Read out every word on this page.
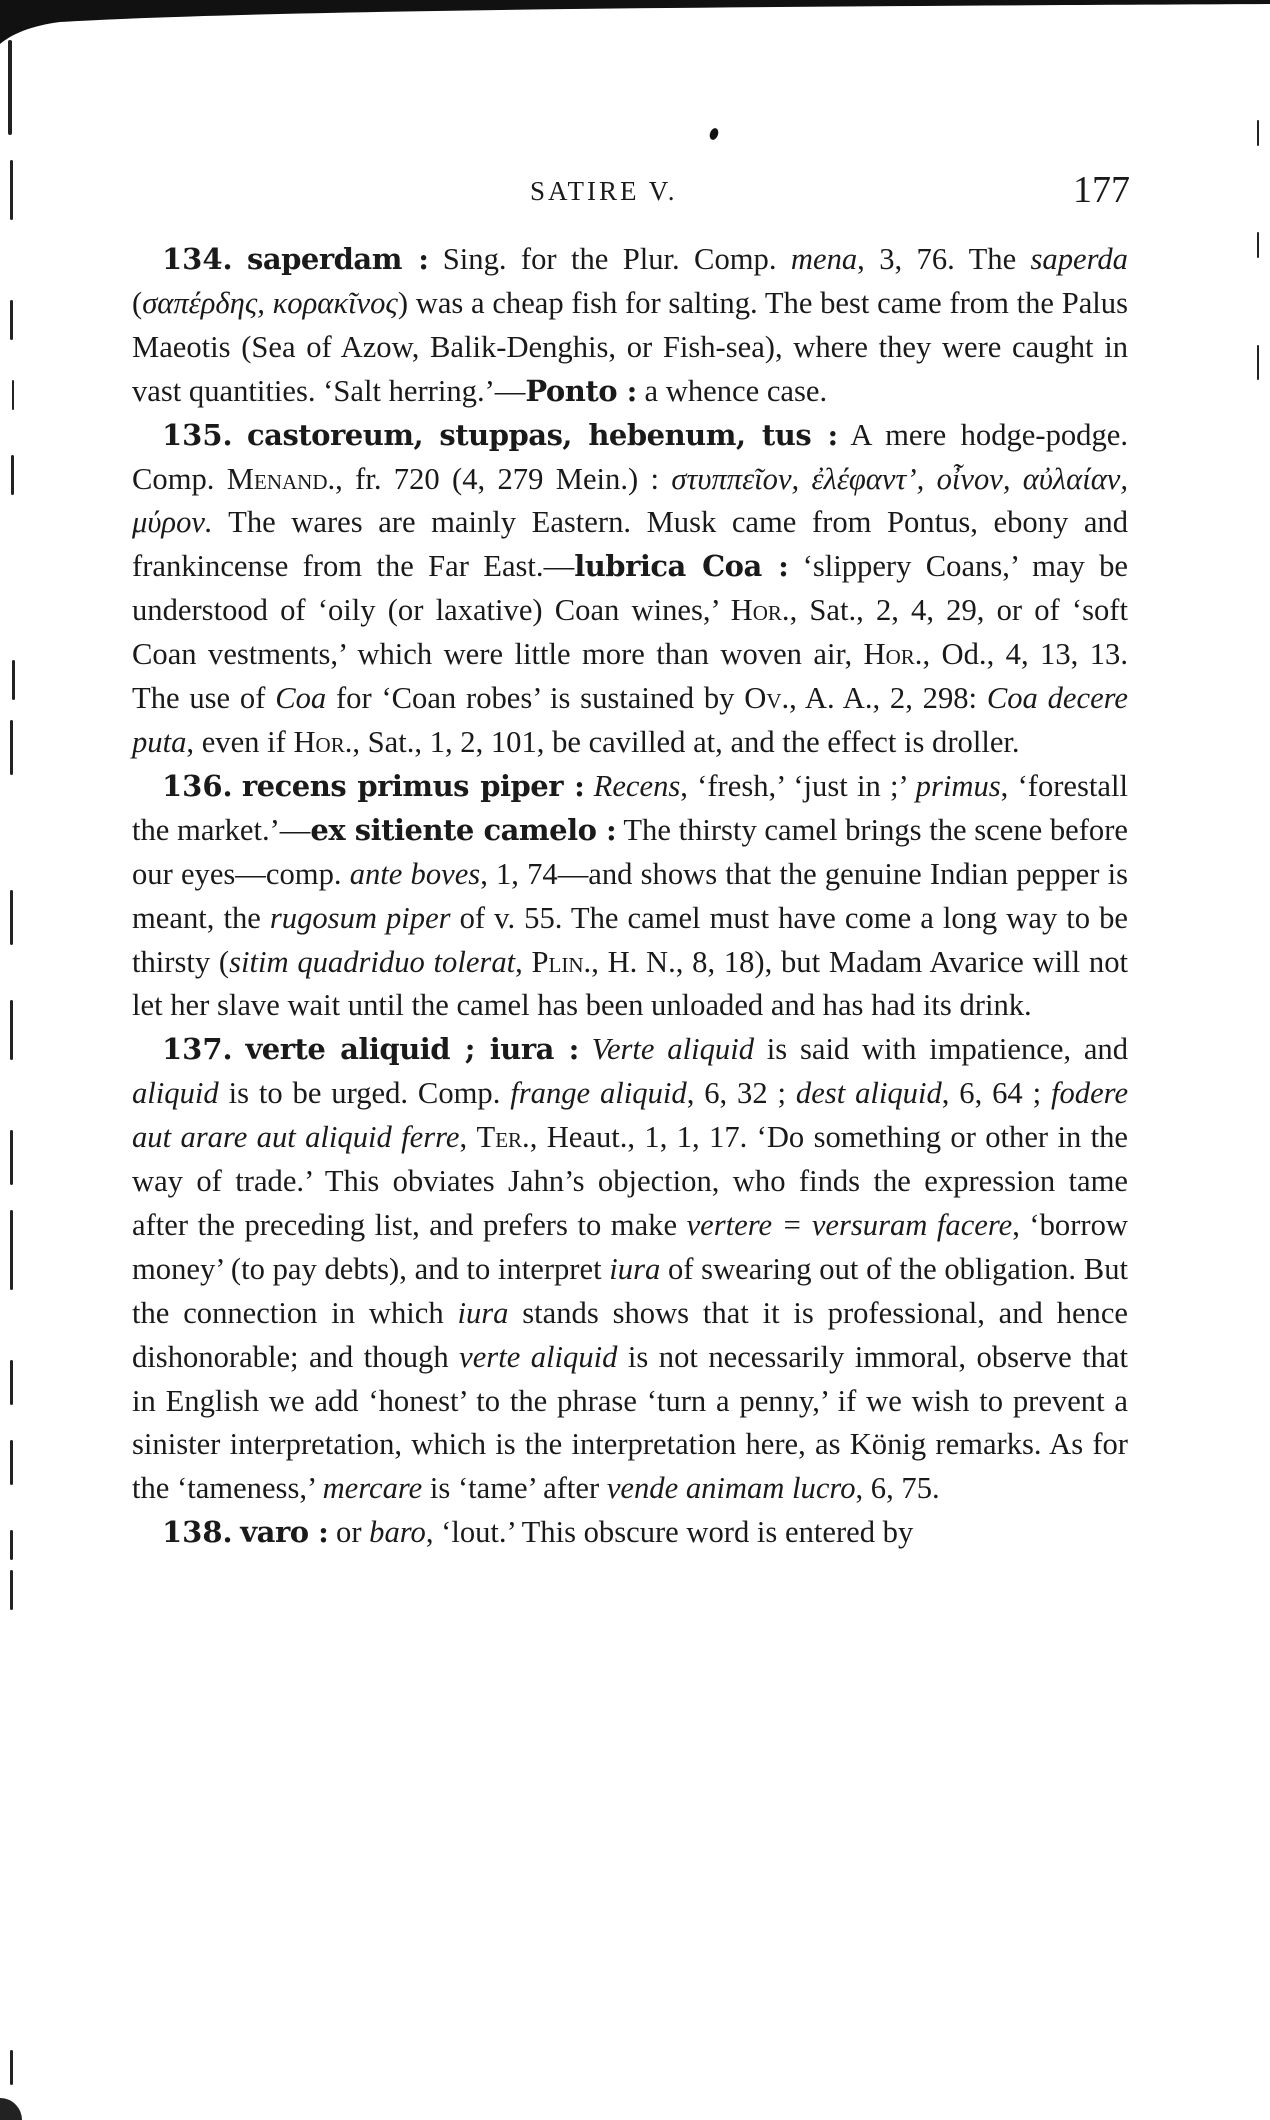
SATIRE V.	177

134. saperdam : Sing. for the Plur. Comp. mena, 3, 76. The saperda (σαπέρδης, κορακῖνος) was a cheap fish for salting. The best came from the Palus Maeotis (Sea of Azow, Balik-Denghis, or Fish-sea), where they were caught in vast quantities. ‘Salt herring.’—Ponto : a whence case.

135. castoreum, stuppas, hebenum, tus : A mere hodge-podge. Comp. Menand., fr. 720 (4, 279 Mein.) : στυππεῖον, ἐλέφαντ’, οἶνον, αὐλαίαν, μύρον. The wares are mainly Eastern. Musk came from Pontus, ebony and frankincense from the Far East.—lubrica Coa : ‘slippery Coans,’ may be understood of ‘oily (or laxative) Coan wines,’ Hor., Sat., 2, 4, 29, or of ‘soft Coan vestments,’ which were little more than woven air, Hor., Od., 4, 13, 13. The use of Coa for ‘Coan robes’ is sustained by Ov., A. A., 2, 298: Coa decere puta, even if Hor., Sat., 1, 2, 101, be cavilled at, and the effect is droller.

136. recens primus piper : Recens, ‘fresh,’ ‘just in ;’ primus, ‘forestall the market.’—ex sitiente camelo : The thirsty camel brings the scene before our eyes—comp. ante boves, 1, 74—and shows that the genuine Indian pepper is meant, the rugosum piper of v. 55. The camel must have come a long way to be thirsty (sitim quadriduo tolerat, Plin., H. N., 8, 18), but Madam Avarice will not let her slave wait until the camel has been unloaded and has had its drink.

137. verte aliquid ; iura : Verte aliquid is said with impatience, and aliquid is to be urged. Comp. frange aliquid, 6, 32 ; dest aliquid, 6, 64 ; fodere aut arare aut aliquid ferre, Ter., Heaut., 1, 1, 17. ‘Do something or other in the way of trade.’ This obviates Jahn’s objection, who finds the expression tame after the preceding list, and prefers to make vertere = versuram facere, ‘borrow money’ (to pay debts), and to interpret iura of swearing out of the obligation. But the connection in which iura stands shows that it is professional, and hence dishonorable; and though verte aliquid is not necessarily immoral, observe that in English we add ‘honest’ to the phrase ‘turn a penny,’ if we wish to prevent a sinister interpretation, which is the interpretation here, as König remarks. As for the ‘tameness,’ mercare is ‘tame’ after vende animam lucro, 6, 75.

138. varo : or baro, ‘lout.’ This obscure word is entered by
